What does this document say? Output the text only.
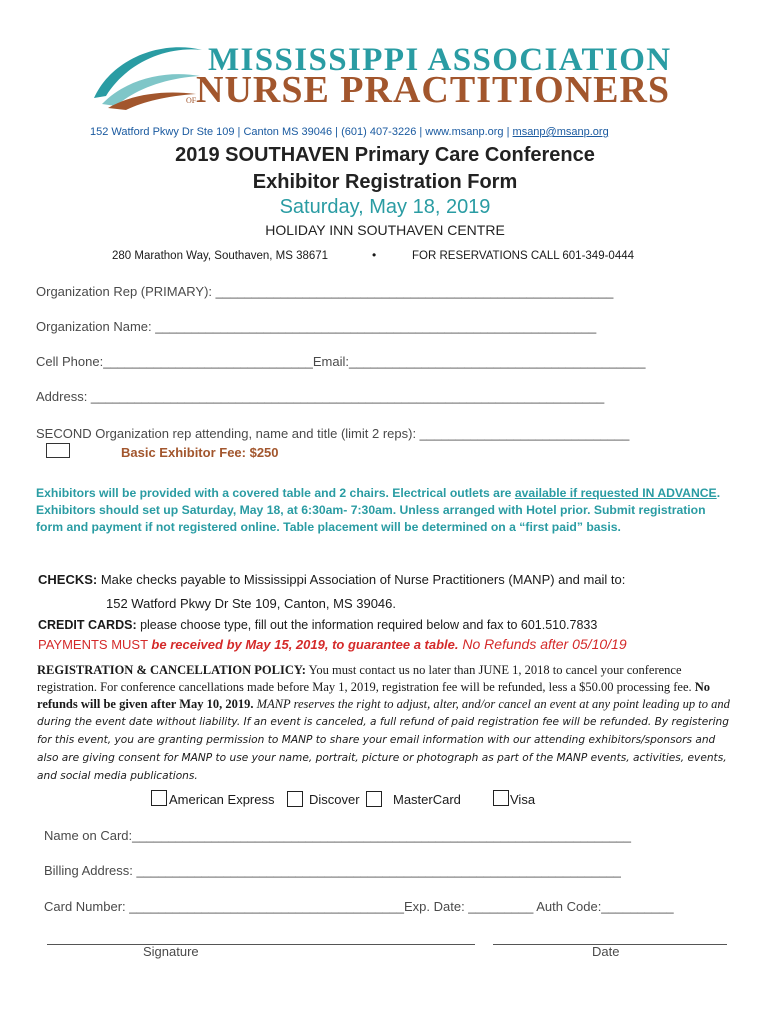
MISSISSIPPI ASSOCIATION
OF NURSE PRACTITIONERS
152 Watford Pkwy Dr Ste 109 | Canton MS 39046 | (601) 407-3226 | www.msanp.org | msanp@msanp.org
2019 SOUTHAVEN Primary Care Conference
Exhibitor Registration Form
Saturday, May 18, 2019
HOLIDAY INN SOUTHAVEN CENTRE
280 Marathon Way, Southaven, MS 38671	•	FOR RESERVATIONS CALL 601-349-0444
Organization Rep (PRIMARY): _______________________________________________________
Organization Name: _____________________________________________________________
Cell Phone:_____________________________Email:_________________________________________
Address: _______________________________________________________________________
SECOND Organization rep attending, name and title (limit 2 reps): _____________________________
Basic Exhibitor Fee: $250
Exhibitors will be provided with a covered table and 2 chairs. Electrical outlets are available if requested IN ADVANCE. Exhibitors should set up Saturday, May 18, at 6:30am- 7:30am. Unless arranged with Hotel prior. Submit registration form and payment if not registered online. Table placement will be determined on a “first paid” basis.
CHECKS: Make checks payable to Mississippi Association of Nurse Practitioners (MANP) and mail to:
152 Watford Pkwy Dr Ste 109, Canton, MS 39046.
CREDIT CARDS: please choose type, fill out the information required below and fax to 601.510.7833
PAYMENTS MUST be received by May 15, 2019, to guarantee a table. No Refunds after 05/10/19
REGISTRATION & CANCELLATION POLICY: You must contact us no later than JUNE 1, 2018 to cancel your conference registration. For conference cancellations made before May 1, 2019, registration fee will be refunded, less a $50.00 processing fee. No refunds will be given after May 10, 2019. MANP reserves the right to adjust, alter, and/or cancel an event at any point leading up to and during the event date without liability. If an event is canceled, a full refund of paid registration fee will be refunded. By registering for this event, you are granting permission to MANP to share your email information with our attending exhibitors/sponsors and also are giving consent for MANP to use your name, portrait, picture or photograph as part of the MANP events, activities, events, and social media publications.
American Express	Discover	MasterCard	Visa
Name on Card:_____________________________________________________________________
Billing Address: ___________________________________________________________________
Card Number: ______________________________________Exp. Date: _________ Auth Code:__________
Signature	Date
